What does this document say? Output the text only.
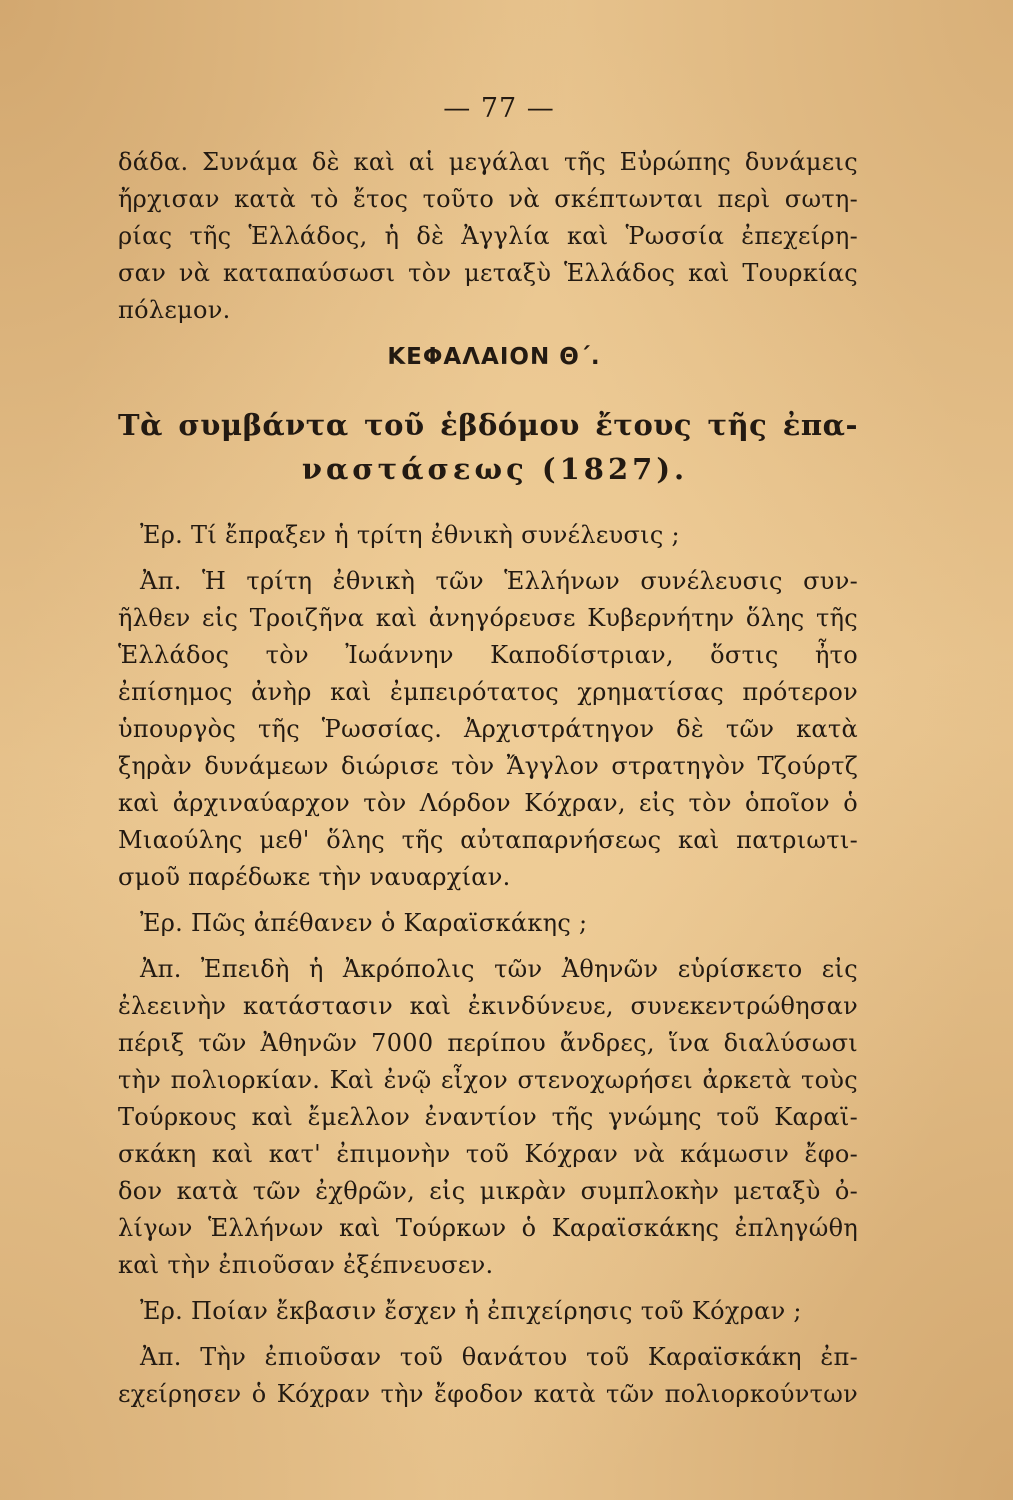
— 77 —
δάδα. Συνάμα δὲ καὶ αἱ μεγάλαι τῆς Εὐρώπης δυνάμεις
ἤρχισαν κατὰ τὸ ἔτος τοῦτο νὰ σκέπτωνται περὶ σωτη-
ρίας τῆς Ἑλλάδος, ἡ δὲ Ἀγγλία καὶ Ῥωσσία ἐπεχείρη-
σαν νὰ καταπαύσωσι τὸν μεταξὺ Ἑλλάδος καὶ Τουρκίας
πόλεμον.
ΚΕΦΑΛΑΙΟΝ Θ΄.
Τὰ συμβάντα τοῦ ἑβδόμου ἔτους τῆς ἐπα-
ναστάσεως (1827).
Ἐρ. Τί ἔπραξεν ἡ τρίτη ἐθνικὴ συνέλευσις ;
Ἀπ. Ἡ τρίτη ἐθνικὴ τῶν Ἑλλήνων συνέλευσις συν-
ῆλθεν εἰς Τροιζῆνα καὶ ἀνηγόρευσε Κυβερνήτην ὅλης τῆς
Ἑλλάδος τὸν Ἰωάννην Καποδίστριαν, ὅστις ἦτο
ἐπίσημος ἀνὴρ καὶ ἐμπειρότατος χρηματίσας πρότερον
ὑπουργὸς τῆς Ῥωσσίας. Ἀρχιστράτηγον δὲ τῶν κατὰ
ξηρὰν δυνάμεων διώρισε τὸν Ἄγγλον στρατηγὸν Τζούρτζ
καὶ ἀρχιναύαρχον τὸν Λόρδον Κόχραν, εἰς τὸν ὁποῖον ὁ
Μιαούλης μεθ' ὅλης τῆς αὐταπαρνήσεως καὶ πατριωτι-
σμοῦ παρέδωκε τὴν ναυαρχίαν.
Ἐρ. Πῶς ἀπέθανεν ὁ Καραϊσκάκης ;
Ἀπ. Ἐπειδὴ ἡ Ἀκρόπολις τῶν Ἀθηνῶν εὑρίσκετο εἰς
ἐλεεινὴν κατάστασιν καὶ ἐκινδύνευε, συνεκεντρώθησαν
πέριξ τῶν Ἀθηνῶν 7000 περίπου ἄνδρες, ἵνα διαλύσωσι
τὴν πολιορκίαν. Καὶ ἐνῷ εἶχον στενοχωρήσει ἀρκετὰ τοὺς
Τούρκους καὶ ἔμελλον ἐναντίον τῆς γνώμης τοῦ Καραϊ-
σκάκη καὶ κατ' ἐπιμονὴν τοῦ Κόχραν νὰ κάμωσιν ἔφο-
δον κατὰ τῶν ἐχθρῶν, εἰς μικρὰν συμπλοκὴν μεταξὺ ὀ-
λίγων Ἑλλήνων καὶ Τούρκων ὁ Καραϊσκάκης ἐπληγώθη
καὶ τὴν ἐπιοῦσαν ἐξέπνευσεν.
Ἐρ. Ποίαν ἔκβασιν ἔσχεν ἡ ἐπιχείρησις τοῦ Κόχραν ;
Ἀπ. Τὴν ἐπιοῦσαν τοῦ θανάτου τοῦ Καραϊσκάκη ἐπ-
εχείρησεν ὁ Κόχραν τὴν ἔφοδον κατὰ τῶν πολιορκούντων
